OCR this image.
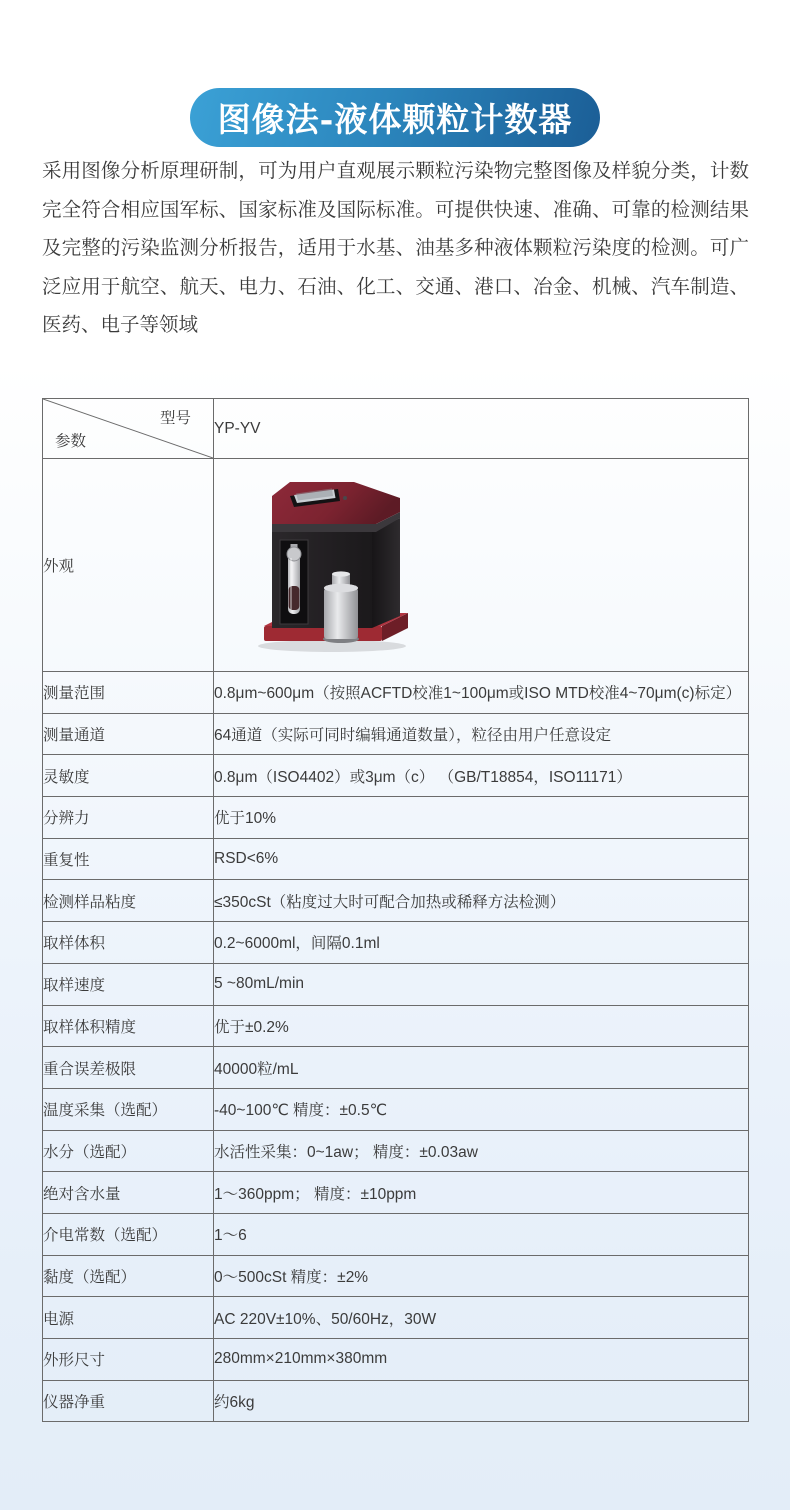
图像法-液体颗粒计数器

采用图像分析原理研制，可为用户直观展示颗粒污染物完整图像及样貌分类，计数完全符合相应国军标、国家标准及国际标准。可提供快速、准确、可靠的检测结果及完整的污染监测分析报告，适用于水基、油基多种液体颗粒污染度的检测。可广泛应用于航空、航天、电力、石油、化工、交通、港口、冶金、机械、汽车制造、医药、电子等领域

型号
参数	YP-YV
外观	

测量范围	0.8μm~600μm（按照ACFTD校准1~100μm或ISO MTD校准4~70μm(c)标定）
测量通道	64通道（实际可同时编辑通道数量），粒径由用户任意设定
灵敏度	0.8μm（ISO4402）或3μm（c） （GB/T18854，ISO11171）
分辨力	优于10%
重复性	RSD<6%
检测样品粘度	≤350cSt（粘度过大时可配合加热或稀释方法检测）
取样体积	0.2~6000ml，间隔0.1ml
取样速度	5 ~80mL/min
取样体积精度	优于±0.2%
重合误差极限	40000粒/mL
温度采集（选配）	-40~100℃ 精度：±0.5℃
水分（选配）	水活性采集：0~1aw； 精度：±0.03aw
绝对含水量	1～360ppm； 精度：±10ppm
介电常数（选配）	1～6
黏度（选配）	0～500cSt 精度：±2%
电源	AC 220V±10%、50/60Hz，30W
外形尺寸	280mm×210mm×380mm
仪器净重	约6kg
